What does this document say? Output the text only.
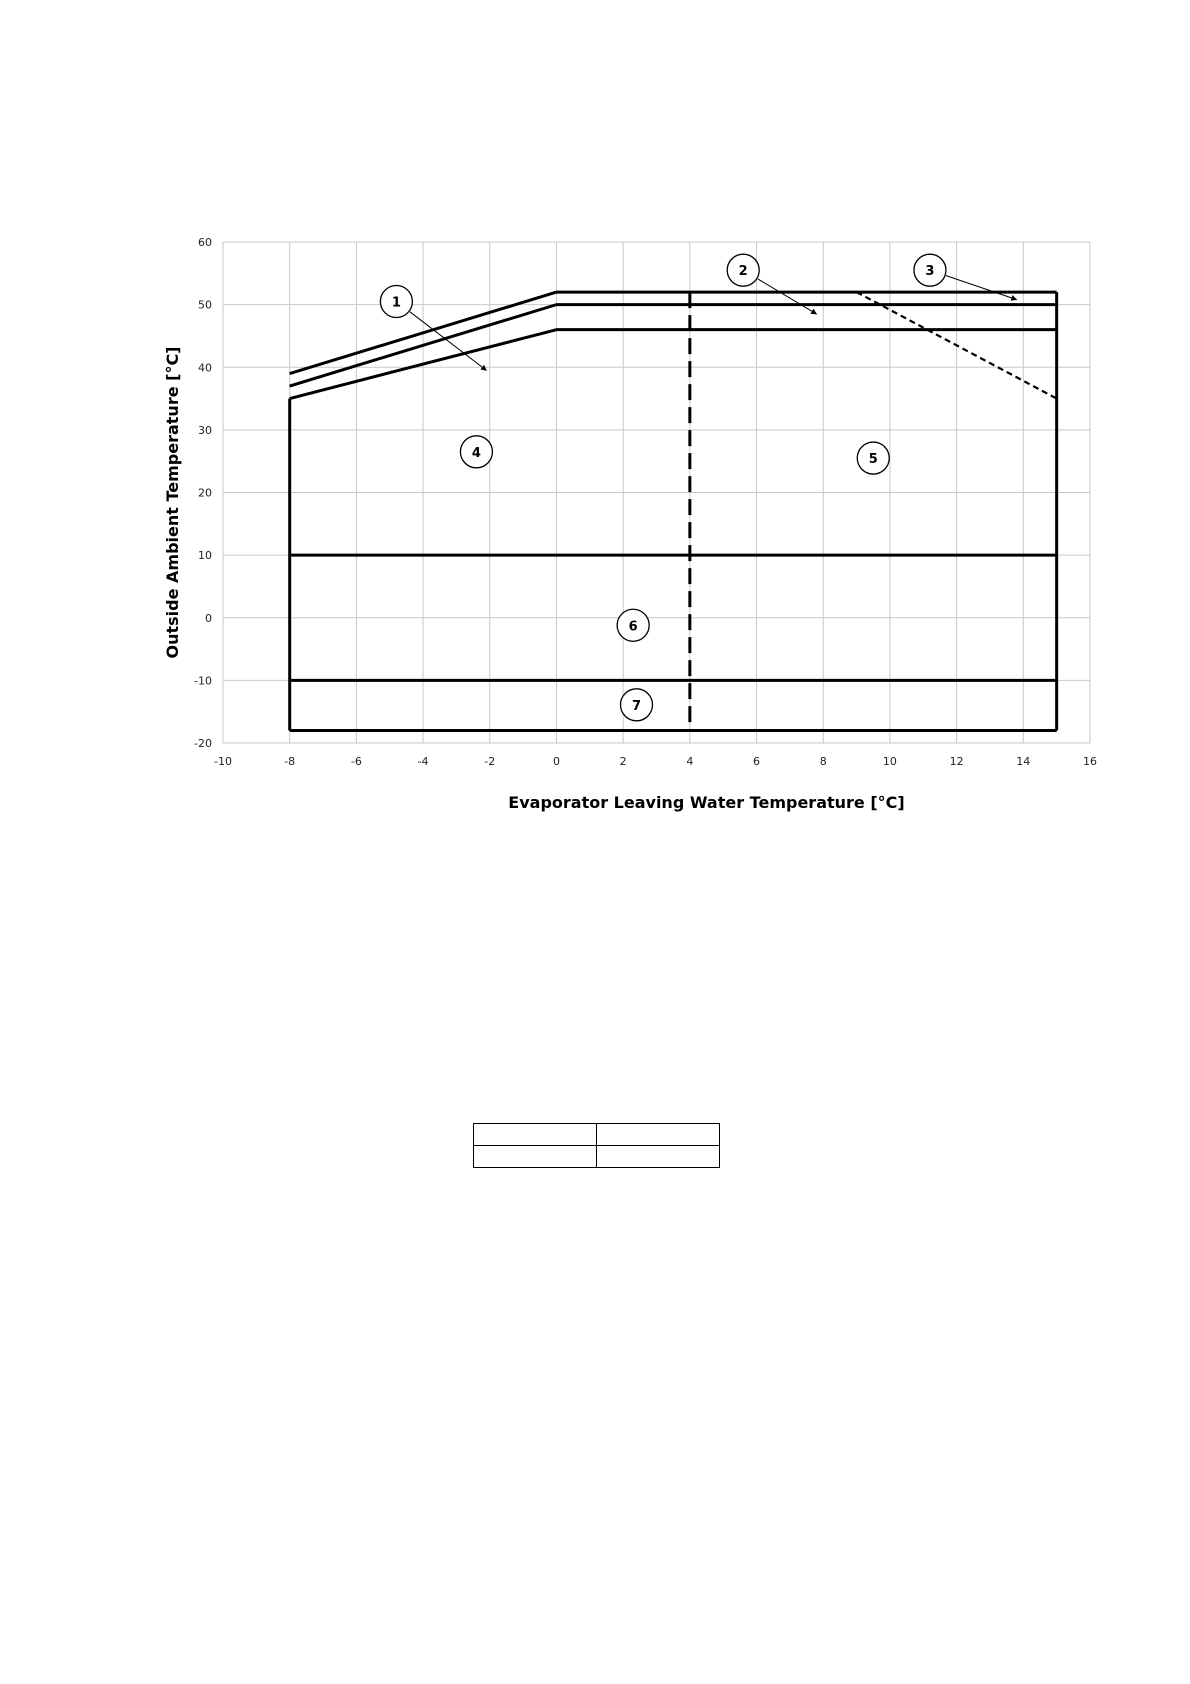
-10	-8	-6	-4	-2	0	2	4	6	8	10	12	14	16
-20
-10
0
10
20
30
40
50
60
1
2	3
4	5
6
7
Evaporator Leaving Water Temperature [°C]
Outside Ambient Temperature [°C]
